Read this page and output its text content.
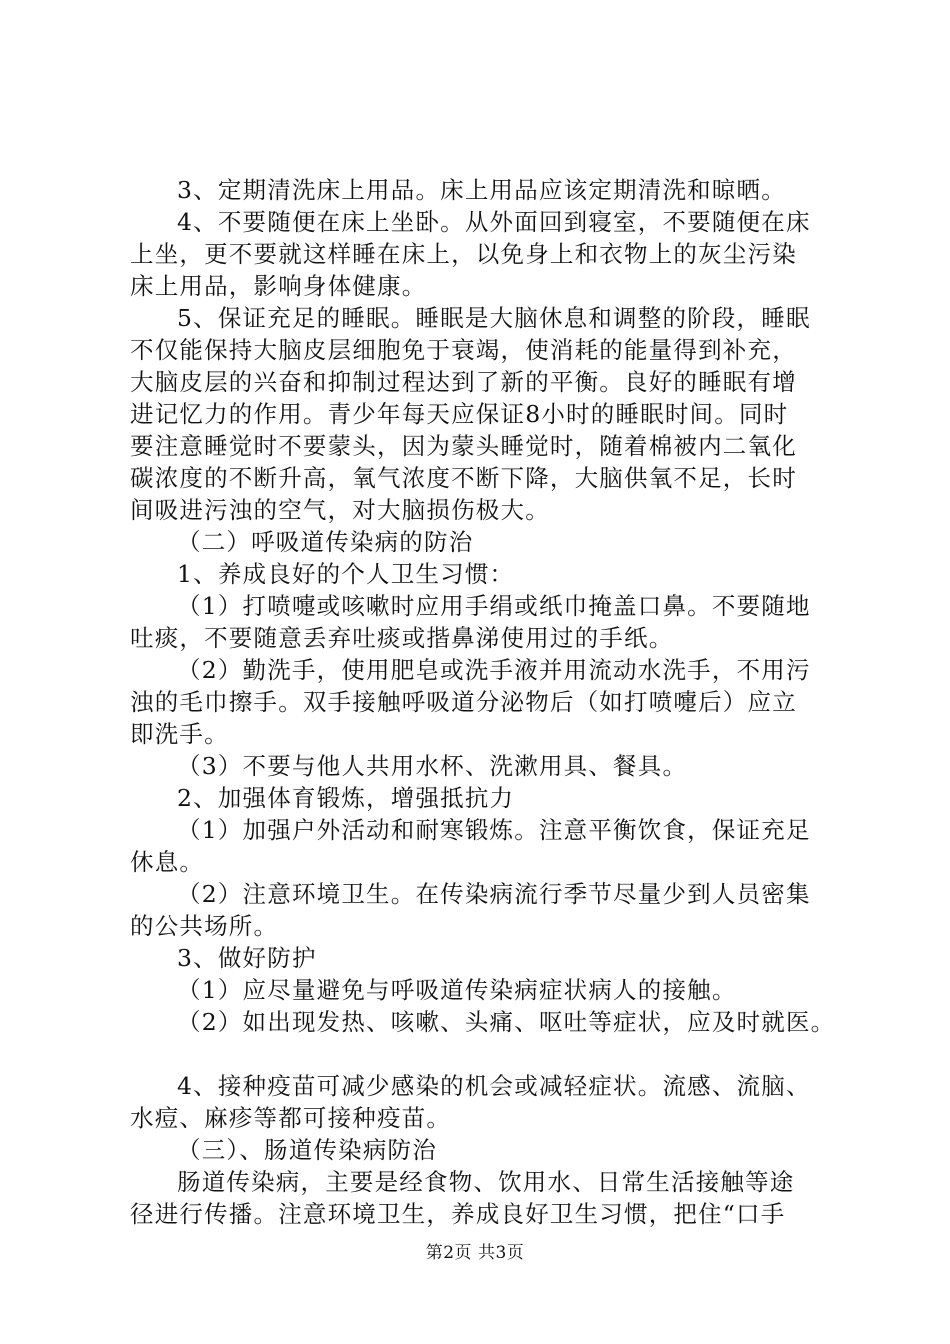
3、定期清洗床上用品。床上用品应该定期清洗和晾晒。
4、不要随便在床上坐卧。从外面回到寝室，不要随便在床
上坐，更不要就这样睡在床上，以免身上和衣物上的灰尘污染
床上用品，影响身体健康。
5、保证充足的睡眠。睡眠是大脑休息和调整的阶段，睡眠
不仅能保持大脑皮层细胞免于衰竭，使消耗的能量得到补充，
大脑皮层的兴奋和抑制过程达到了新的平衡。良好的睡眠有增
进记忆力的作用。青少年每天应保证8小时的睡眠时间。同时
要注意睡觉时不要蒙头，因为蒙头睡觉时，随着棉被内二氧化
碳浓度的不断升高，氧气浓度不断下降，大脑供氧不足，长时
间吸进污浊的空气，对大脑损伤极大。
（二）呼吸道传染病的防治
1、养成良好的个人卫生习惯：
（1）打喷嚏或咳嗽时应用手绢或纸巾掩盖口鼻。不要随地
吐痰，不要随意丢弃吐痰或揩鼻涕使用过的手纸。
（2）勤洗手，使用肥皂或洗手液并用流动水洗手，不用污
浊的毛巾擦手。双手接触呼吸道分泌物后（如打喷嚏后）应立
即洗手。
（3）不要与他人共用水杯、洗漱用具、餐具。
2、加强体育锻炼，增强抵抗力
（1）加强户外活动和耐寒锻炼。注意平衡饮食，保证充足
休息。
（2）注意环境卫生。在传染病流行季节尽量少到人员密集
的公共场所。
3、做好防护
（1）应尽量避免与呼吸道传染病症状病人的接触。
（2）如出现发热、咳嗽、头痛、呕吐等症状，应及时就医。
4、接种疫苗可减少感染的机会或减轻症状。流感、流脑、
水痘、麻疹等都可接种疫苗。
（三）、肠道传染病防治
肠道传染病，主要是经食物、饮用水、日常生活接触等途
径进行传播。注意环境卫生，养成良好卫生习惯，把住“口手
第2页 共3页
